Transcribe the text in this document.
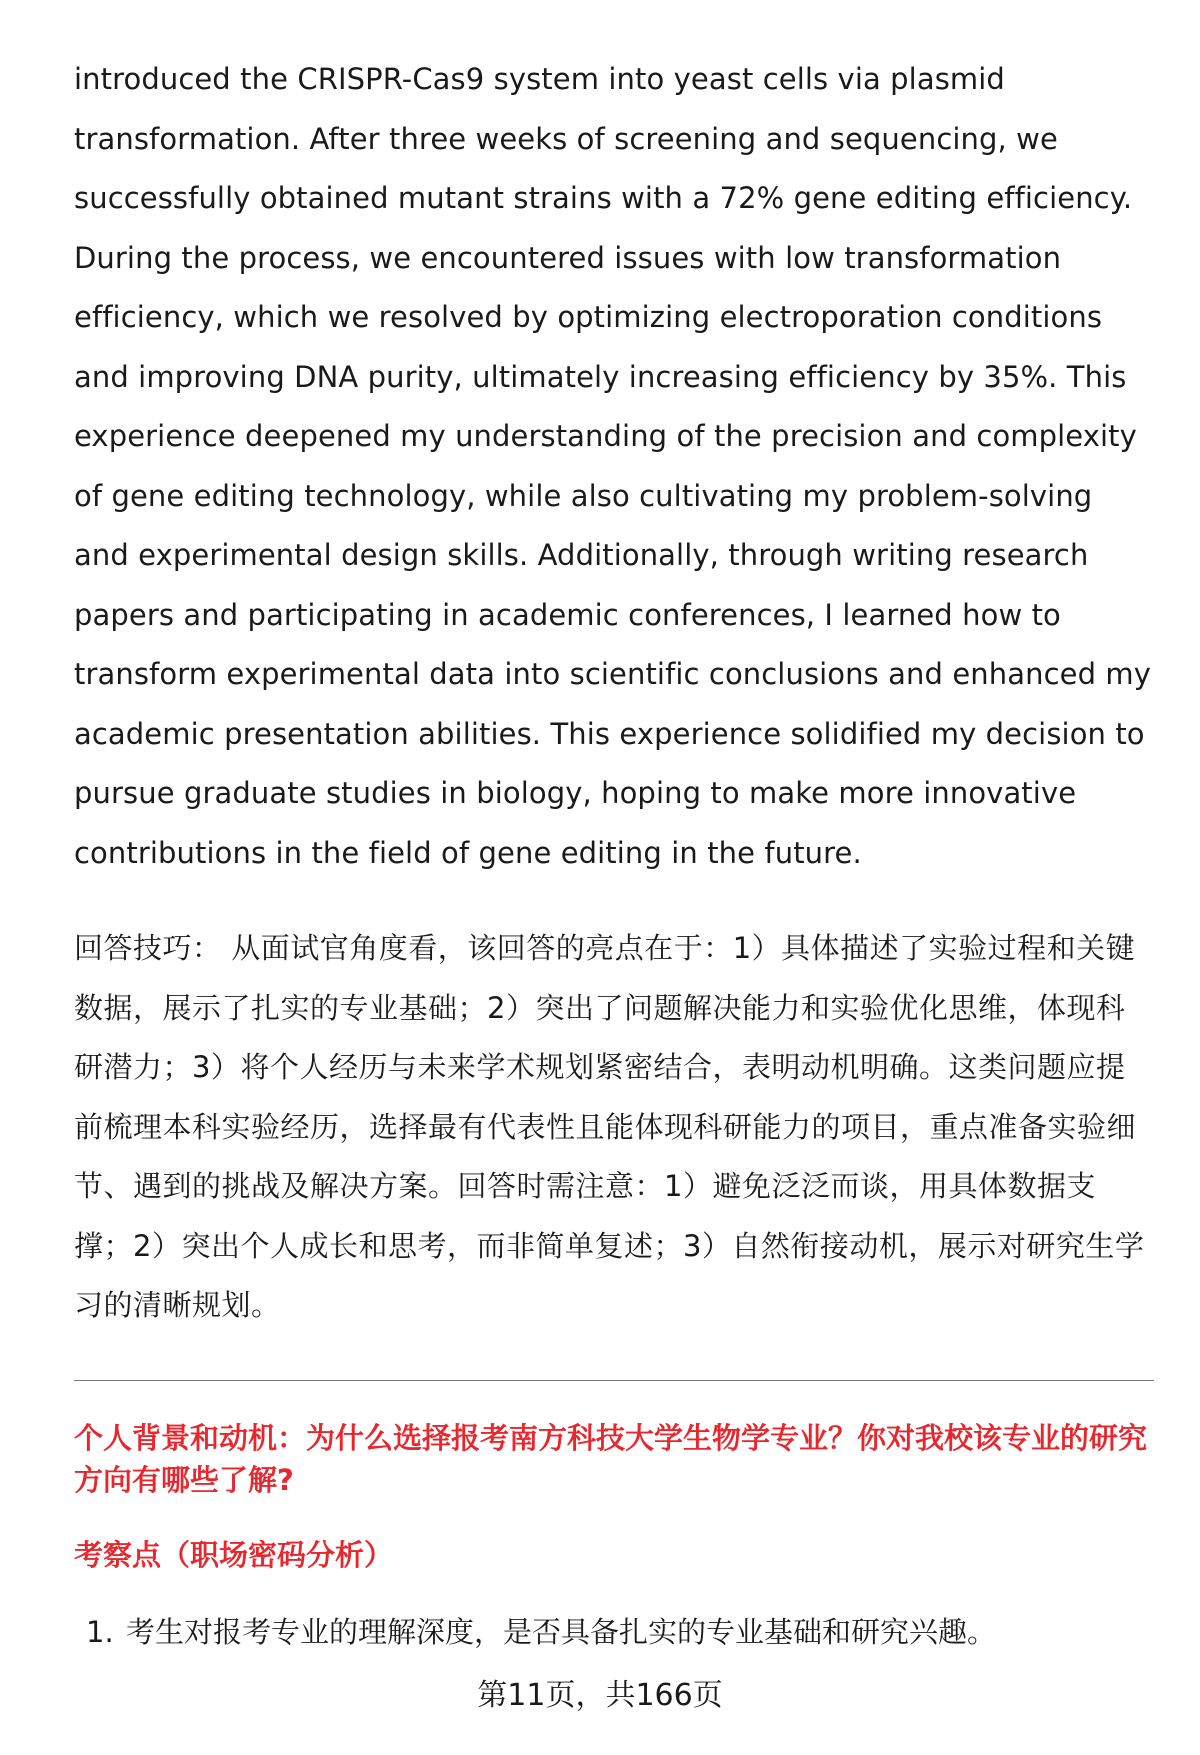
introduced the CRISPR-Cas9 system into yeast cells via plasmid transformation. After three weeks of screening and sequencing, we successfully obtained mutant strains with a 72% gene editing efficiency. During the process, we encountered issues with low transformation efficiency, which we resolved by optimizing electroporation conditions and improving DNA purity, ultimately increasing efficiency by 35%. This experience deepened my understanding of the precision and complexity of gene editing technology, while also cultivating my problem-solving and experimental design skills. Additionally, through writing research papers and participating in academic conferences, I learned how to transform experimental data into scientific conclusions and enhanced my academic presentation abilities. This experience solidified my decision to pursue graduate studies in biology, hoping to make more innovative contributions in the field of gene editing in the future.

回答技巧： 从面试官角度看，该回答的亮点在于：1）具体描述了实验过程和关键数据，展示了扎实的专业基础；2）突出了问题解决能力和实验优化思维，体现科研潜力；3）将个人经历与未来学术规划紧密结合，表明动机明确。这类问题应提前梳理本科实验经历，选择最有代表性且能体现科研能力的项目，重点准备实验细节、遇到的挑战及解决方案。回答时需注意：1）避免泛泛而谈，用具体数据支撑；2）突出个人成长和思考，而非简单复述；3）自然衔接动机，展示对研究生学习的清晰规划。

个人背景和动机：为什么选择报考南方科技大学生物学专业？你对我校该专业的研究方向有哪些了解?
考察点（职场密码分析）
1. 考生对报考专业的理解深度，是否具备扎实的专业基础和研究兴趣。
第11页，共166页
